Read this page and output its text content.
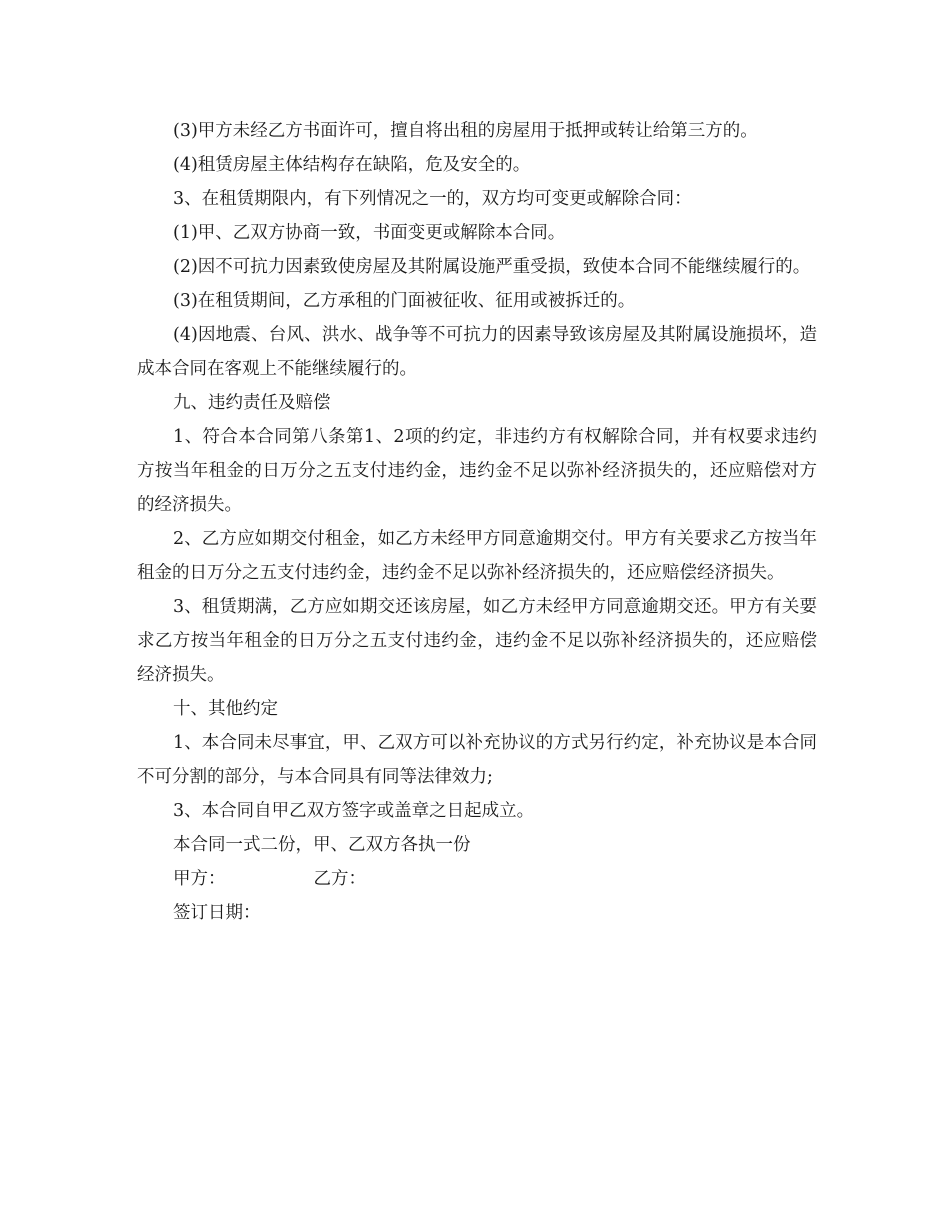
(3)甲方未经乙方书面许可，擅自将出租的房屋用于抵押或转让给第三方的。

(4)租赁房屋主体结构存在缺陷，危及安全的。

3、在租赁期限内，有下列情况之一的，双方均可变更或解除合同：

(1)甲、乙双方协商一致，书面变更或解除本合同。

(2)因不可抗力因素致使房屋及其附属设施严重受损，致使本合同不能继续履行的。

(3)在租赁期间，乙方承租的门面被征收、征用或被拆迁的。

(4)因地震、台风、洪水、战争等不可抗力的因素导致该房屋及其附属设施损坏，造成本合同在客观上不能继续履行的。

九、违约责任及赔偿

1、符合本合同第八条第1、2项的约定，非违约方有权解除合同，并有权要求违约方按当年租金的日万分之五支付违约金，违约金不足以弥补经济损失的，还应赔偿对方的经济损失。

2、乙方应如期交付租金，如乙方未经甲方同意逾期交付。甲方有关要求乙方按当年租金的日万分之五支付违约金，违约金不足以弥补经济损失的，还应赔偿经济损失。

3、租赁期满，乙方应如期交还该房屋，如乙方未经甲方同意逾期交还。甲方有关要求乙方按当年租金的日万分之五支付违约金，违约金不足以弥补经济损失的，还应赔偿经济损失。

十、其他约定

1、本合同未尽事宜，甲、乙双方可以补充协议的方式另行约定，补充协议是本合同不可分割的部分，与本合同具有同等法律效力;

3、本合同自甲乙双方签字或盖章之日起成立。

本合同一式二份，甲、乙双方各执一份

甲方：	乙方：
签订日期：
